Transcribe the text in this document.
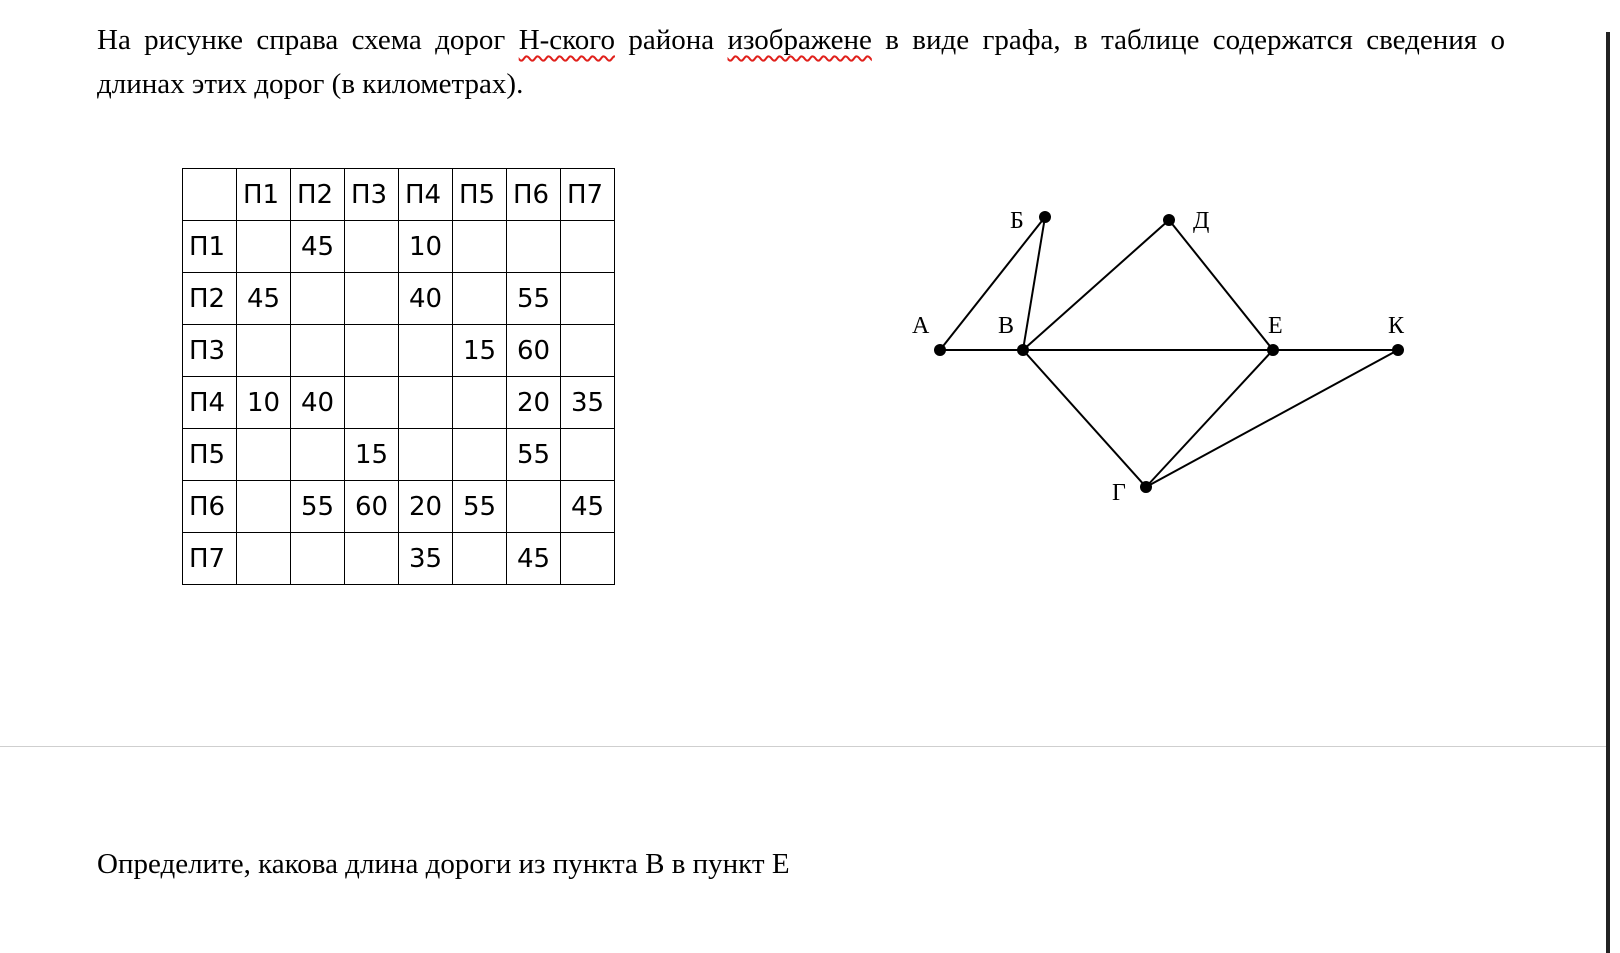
На рисунке справа схема дорог Н-ского района изображене в виде графа, в таблице содержатся сведения о длинах этих дорог (в километрах).

	П1	П2	П3	П4	П5	П6	П7
П1		45		10			
П2	45			40		55	
П3					15	60	
П4	10	40				20	35
П5			15			55	
П6		55	60	20	55		45
П7				35		45	
А
Б
В
Д
Е	К
Г

Определите, какова длина дороги из пункта В в пункт Е
